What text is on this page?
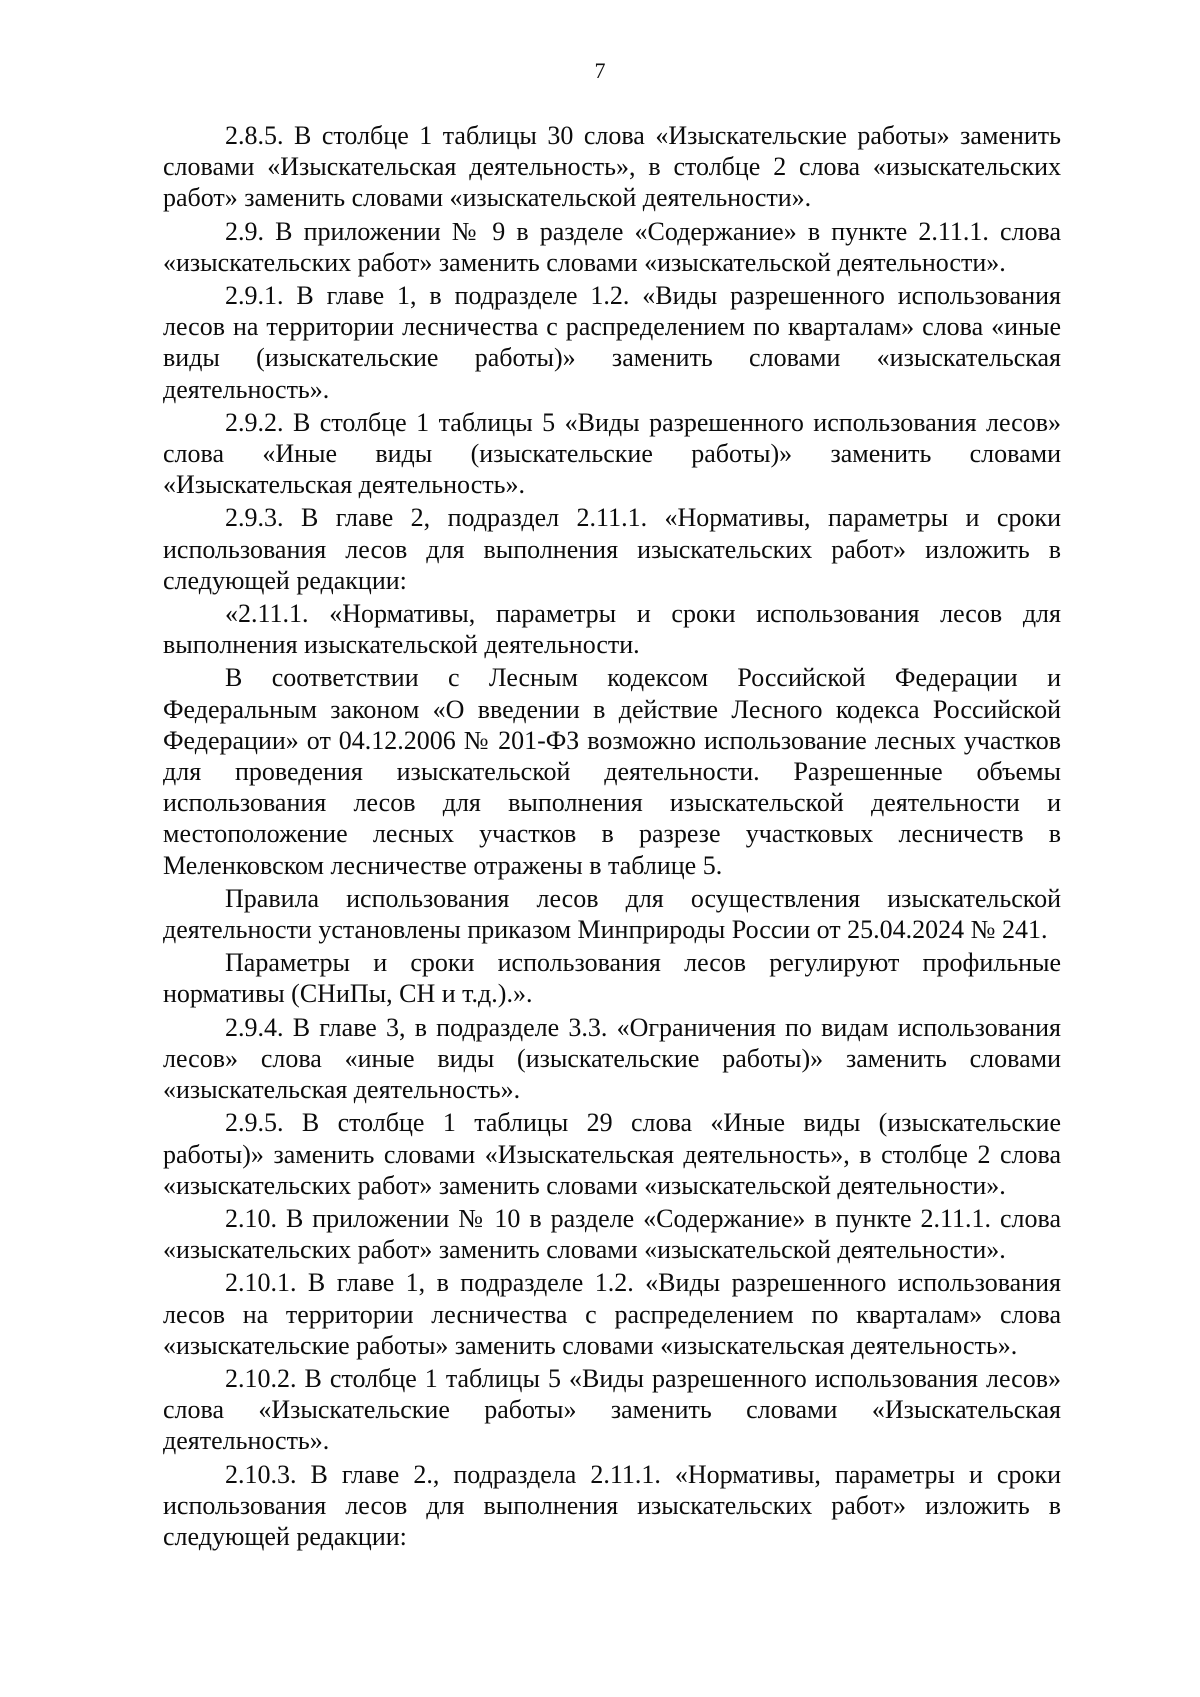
7

2.8.5. В столбце 1 таблицы 30 слова «Изыскательские работы» заменить словами «Изыскательская деятельность», в столбце 2 слова «изыскательских работ» заменить словами «изыскательской деятельности».

2.9. В приложении № 9 в разделе «Содержание» в пункте 2.11.1. слова «изыскательских работ» заменить словами «изыскательской деятельности».

2.9.1. В главе 1, в подразделе 1.2. «Виды разрешенного использования лесов на территории лесничества с распределением по кварталам» слова «иные виды (изыскательские работы)» заменить словами «изыскательская деятельность».

2.9.2. В столбце 1 таблицы 5 «Виды разрешенного использования лесов» слова «Иные виды (изыскательские работы)» заменить словами «Изыскательская деятельность».

2.9.3. В главе 2, подраздел 2.11.1. «Нормативы, параметры и сроки использования лесов для выполнения изыскательских работ» изложить в следующей редакции:

«2.11.1. «Нормативы, параметры и сроки использования лесов для выполнения изыскательской деятельности.

В соответствии с Лесным кодексом Российской Федерации и Федеральным законом «О введении в действие Лесного кодекса Российской Федерации» от 04.12.2006 № 201-ФЗ возможно использование лесных участков для проведения изыскательской деятельности. Разрешенные объемы использования лесов для выполнения изыскательской деятельности и местоположение лесных участков в разрезе участковых лесничеств в Меленковском лесничестве отражены в таблице 5.

Правила использования лесов для осуществления изыскательской деятельности установлены приказом Минприроды России от 25.04.2024 № 241.

Параметры и сроки использования лесов регулируют профильные нормативы (СНиПы, СН и т.д.).».

2.9.4. В главе 3, в подразделе 3.3. «Ограничения по видам использования лесов» слова «иные виды (изыскательские работы)» заменить словами «изыскательская деятельность».

2.9.5. В столбце 1 таблицы 29 слова «Иные виды (изыскательские работы)» заменить словами «Изыскательская деятельность», в столбце 2 слова «изыскательских работ» заменить словами «изыскательской деятельности».

2.10. В приложении № 10 в разделе «Содержание» в пункте 2.11.1. слова «изыскательских работ» заменить словами «изыскательской деятельности».

2.10.1. В главе 1, в подразделе 1.2. «Виды разрешенного использования лесов на территории лесничества с распределением по кварталам» слова «изыскательские работы» заменить словами «изыскательская деятельность».

2.10.2. В столбце 1 таблицы 5 «Виды разрешенного использования лесов» слова «Изыскательские работы» заменить словами «Изыскательская деятельность».

2.10.3. В главе 2., подраздела 2.11.1. «Нормативы, параметры и сроки использования лесов для выполнения изыскательских работ» изложить в следующей редакции:
